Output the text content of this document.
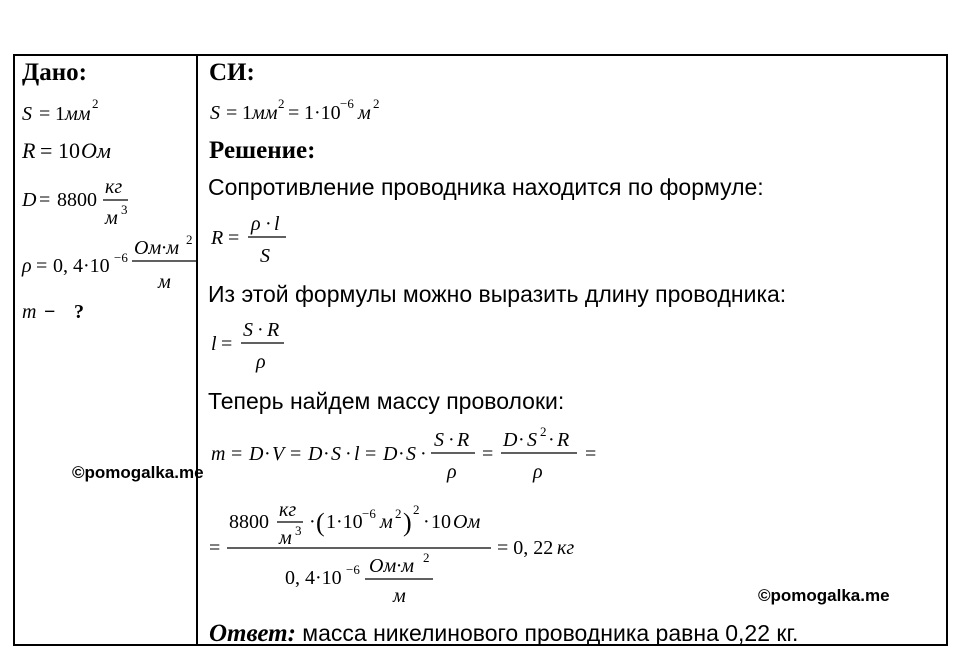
Дано:
S = 1 мм 2
R = 10 Ом
D = 8800
кг
м 3
ρ = 0, 4·10 −6 Ом·м 2
м
m − ?
©pomogalka.me
СИ:
S = 1 мм 2 = 1·10 −6 м 2
Решение:
Сопротивление проводника находится по формуле:
R =
ρ · l
S
Из этой формулы можно выразить длину проводника:
l =
S · R
ρ
Теперь найдем массу проволоки:
m = D · V = D · S · l = D · S ·
S · R
ρ
=
D · S 2 · R
ρ
=
=
8800
кг
м 3 · ( 1·10 −6 м 2 ) 2
· 10 Ом
0, 4·10 −6 Ом·м 2
м
= 0, 22 кг
©pomogalka.me
Ответ: масса никелинового проводника равна 0,22 кг.
